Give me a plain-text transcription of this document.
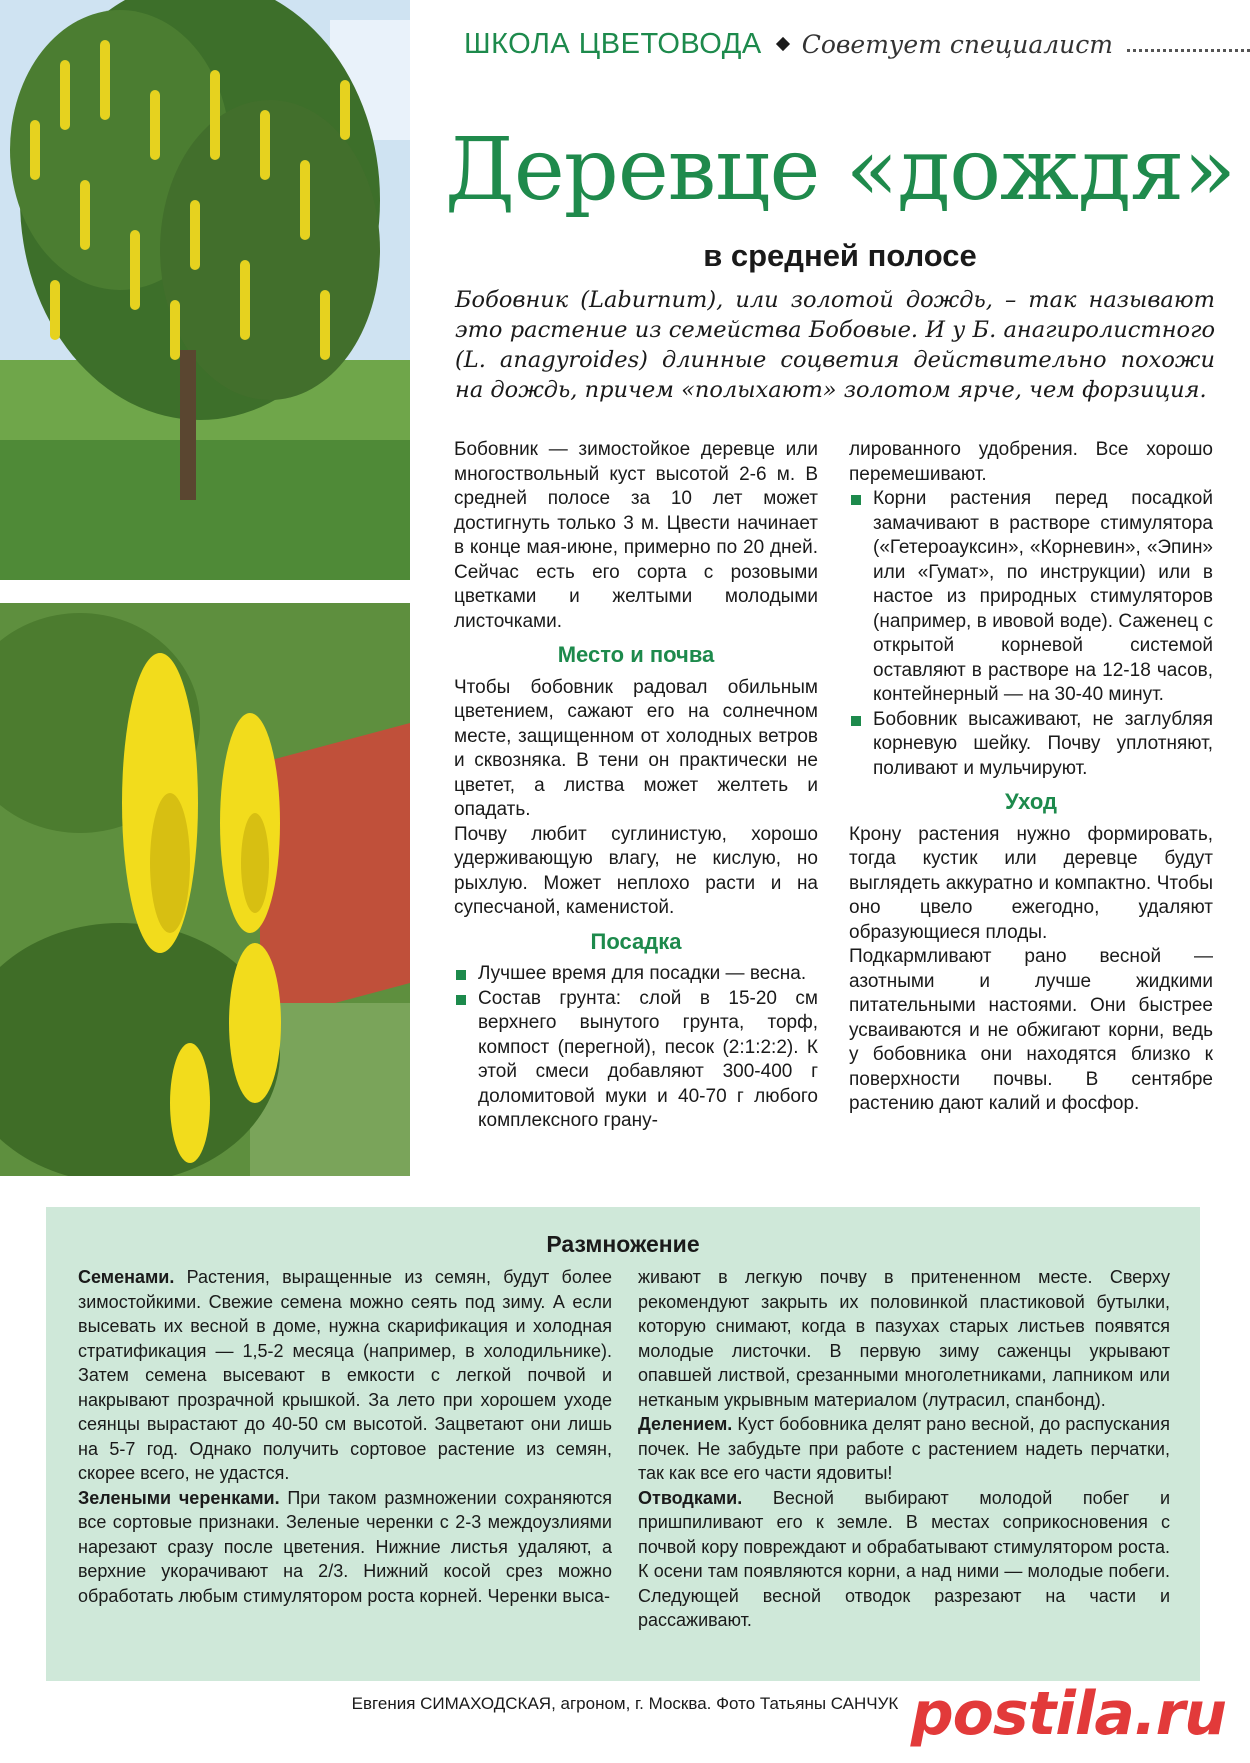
ШКОЛА ЦВЕТОВОДА Советует специалист
Деревце «дождя»
в средней полосе
Бобовник (Laburnum), или золотой дождь, – так называют это растение из семейства Бобовые. И у Б. анагиролистного (L. anagyroides) длинные соцветия действительно похожи на дождь, причем «полыхают» золотом ярче, чем форзиция.

Бобовник — зимостойкое деревце или многоствольный куст высотой 2-6 м. В средней полосе за 10 лет может достигнуть только 3 м. Цвести начинает в конце мая-июне, примерно по 20 дней. Сейчас есть его сорта с розовыми цветками и желтыми молодыми листочками.

Место и почва

Чтобы бобовник радовал обильным цветением, сажают его на солнечном месте, защищенном от холодных ветров и сквозняка. В тени он практически не цветет, а листва может желтеть и опадать.

Почву любит суглинистую, хорошо удерживающую влагу, не кислую, но рыхлую. Может неплохо расти и на супесчаной, каменистой.

Посадка

Лучшее время для посадки — весна.

Состав грунта: слой в 15-20 см верхнего вынутого грунта, торф, компост (перегной), песок (2:1:2:2). К этой смеси добавляют 300-400 г доломитовой муки и 40-70 г любого комплексного грану-

лированного удобрения. Все хорошо перемешивают.

Корни растения перед посадкой замачивают в растворе стимулятора («Гетероауксин», «Корневин», «Эпин» или «Гумат», по инструкции) или в настое из природных стимуляторов (например, в ивовой воде). Саженец с открытой корневой системой оставляют в растворе на 12-18 часов, контейнерный — на 30-40 минут.

Бобовник высаживают, не заглубляя корневую шейку. Почву уплотняют, поливают и мульчируют.

Уход

Крону растения нужно формировать, тогда кустик или деревце будут выглядеть аккуратно и компактно. Чтобы оно цвело ежегодно, удаляют образующиеся плоды.

Подкармливают рано весной — азотными и лучше жидкими питательными настоями. Они быстрее усваиваются и не обжигают корни, ведь у бобовника они находятся близко к поверхности почвы. В сентябре растению дают калий и фосфор.

Размножение

Семенами. Растения, выращенные из семян, будут более зимостойкими. Свежие семена можно сеять под зиму. А если высевать их весной в доме, нужна скарификация и холодная стратификация — 1,5-2 месяца (например, в холодильнике). Затем семена высевают в емкости с легкой почвой и накрывают прозрачной крышкой. За лето при хорошем уходе сеянцы вырастают до 40-50 см высотой. Зацветают они лишь на 5-7 год. Однако получить сортовое растение из семян, скорее всего, не удастся.

Зелеными черенками. При таком размножении сохраняются все сортовые признаки. Зеленые черенки с 2-3 междоузлиями нарезают сразу после цветения. Нижние листья удаляют, а верхние укорачивают на 2/3. Нижний косой срез можно обработать любым стимулятором роста корней. Черенки выса-

живают в легкую почву в притененном месте. Сверху рекомендуют закрыть их половинкой пластиковой бутылки, которую снимают, когда в пазухах старых листьев появятся молодые листочки. В первую зиму саженцы укрывают опавшей листвой, срезанными многолетниками, лапником или нетканым укрывным материалом (лутрасил, спанбонд).

Делением. Куст бобовника делят рано весной, до распускания почек. Не забудьте при работе с растением надеть перчатки, так как все его части ядовиты!

Отводками. Весной выбирают молодой побег и пришпиливают его к земле. В местах соприкосновения с почвой кору повреждают и обрабатывают стимулятором роста. К осени там появляются корни, а над ними — молодые побеги. Следующей весной отводок разрезают на части и рассаживают.

Евгения СИМАХОДСКАЯ, агроном, г. Москва. Фото Татьяны САНЧУК postila.ru
